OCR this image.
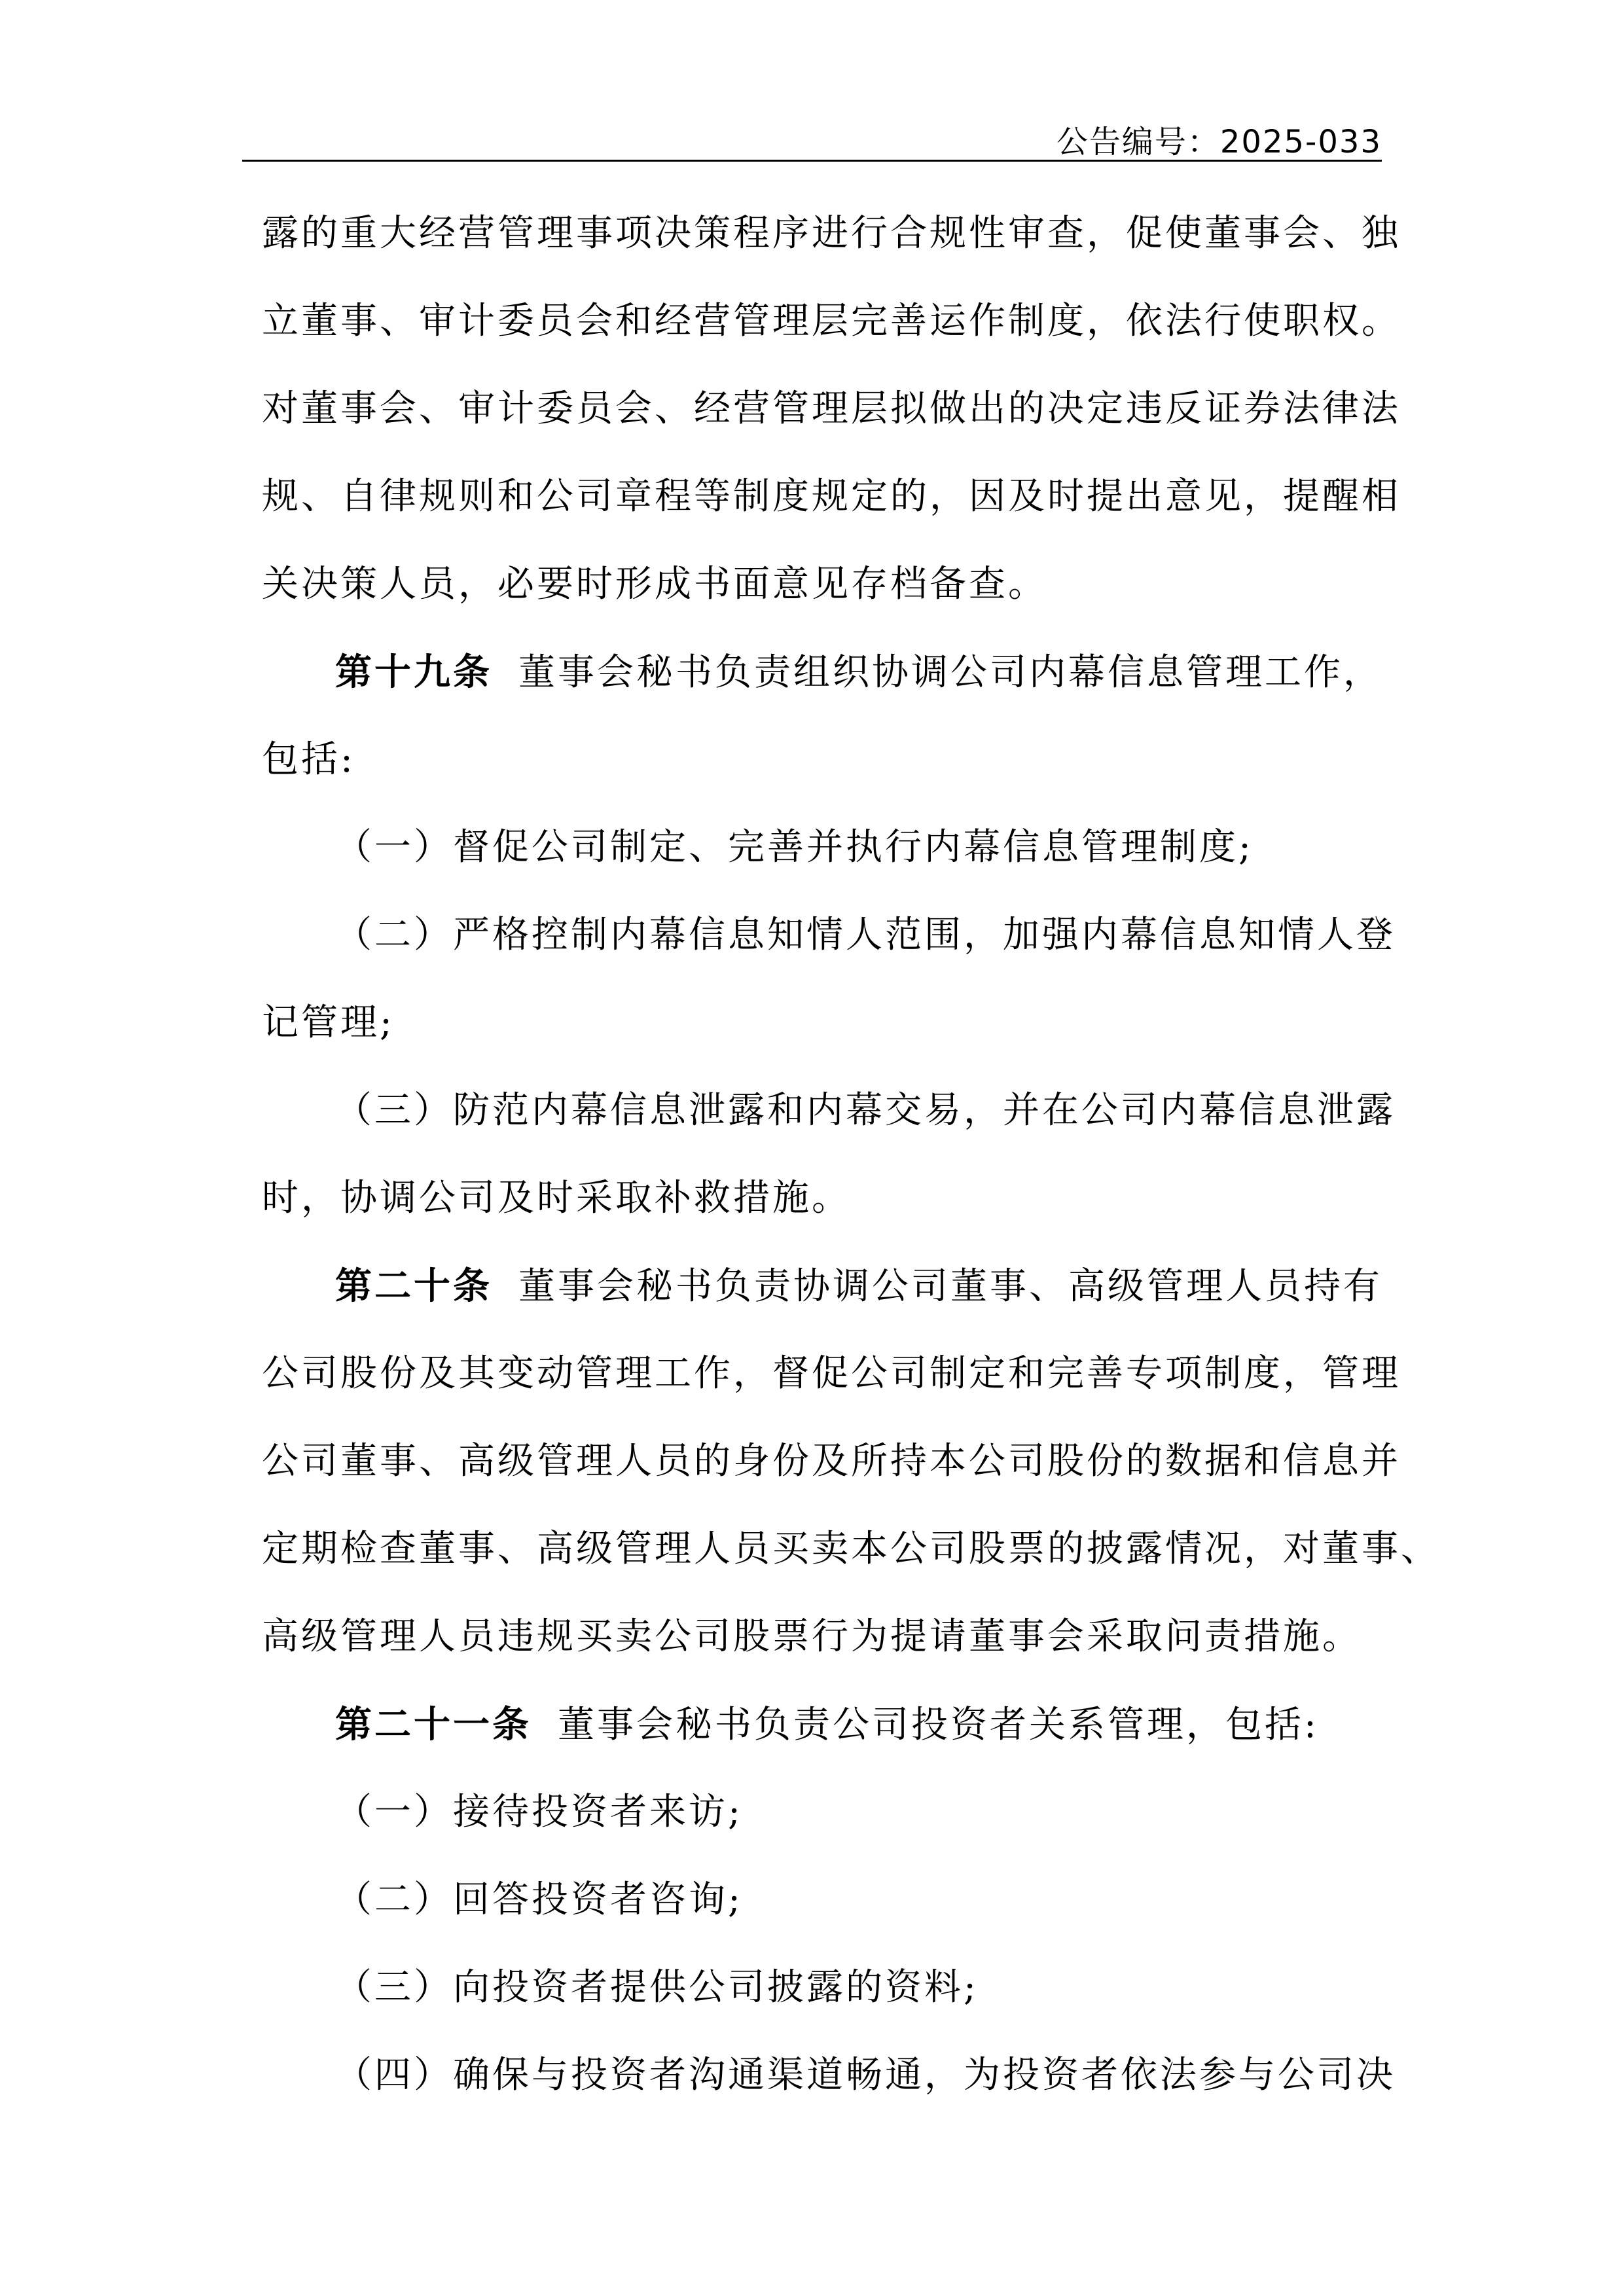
公告编号：2025-033
露的重大经营管理事项决策程序进行合规性审查，促使董事会、独
立董事、审计委员会和经营管理层完善运作制度，依法行使职权。
对董事会、审计委员会、经营管理层拟做出的决定违反证券法律法
规、自律规则和公司章程等制度规定的，因及时提出意见，提醒相
关决策人员，必要时形成书面意见存档备查。
第十九条 董事会秘书负责组织协调公司内幕信息管理工作，
包括:
（一）督促公司制定、完善并执行内幕信息管理制度;
（二）严格控制内幕信息知情人范围，加强内幕信息知情人登
记管理;
（三）防范内幕信息泄露和内幕交易，并在公司内幕信息泄露
时，协调公司及时采取补救措施。
第二十条 董事会秘书负责协调公司董事、高级管理人员持有
公司股份及其变动管理工作，督促公司制定和完善专项制度，管理
公司董事、高级管理人员的身份及所持本公司股份的数据和信息并
定期检查董事、高级管理人员买卖本公司股票的披露情况，对董事、
高级管理人员违规买卖公司股票行为提请董事会采取问责措施。
第二十一条 董事会秘书负责公司投资者关系管理，包括:
（一）接待投资者来访;
（二）回答投资者咨询;
（三）向投资者提供公司披露的资料;
（四）确保与投资者沟通渠道畅通，为投资者依法参与公司决
